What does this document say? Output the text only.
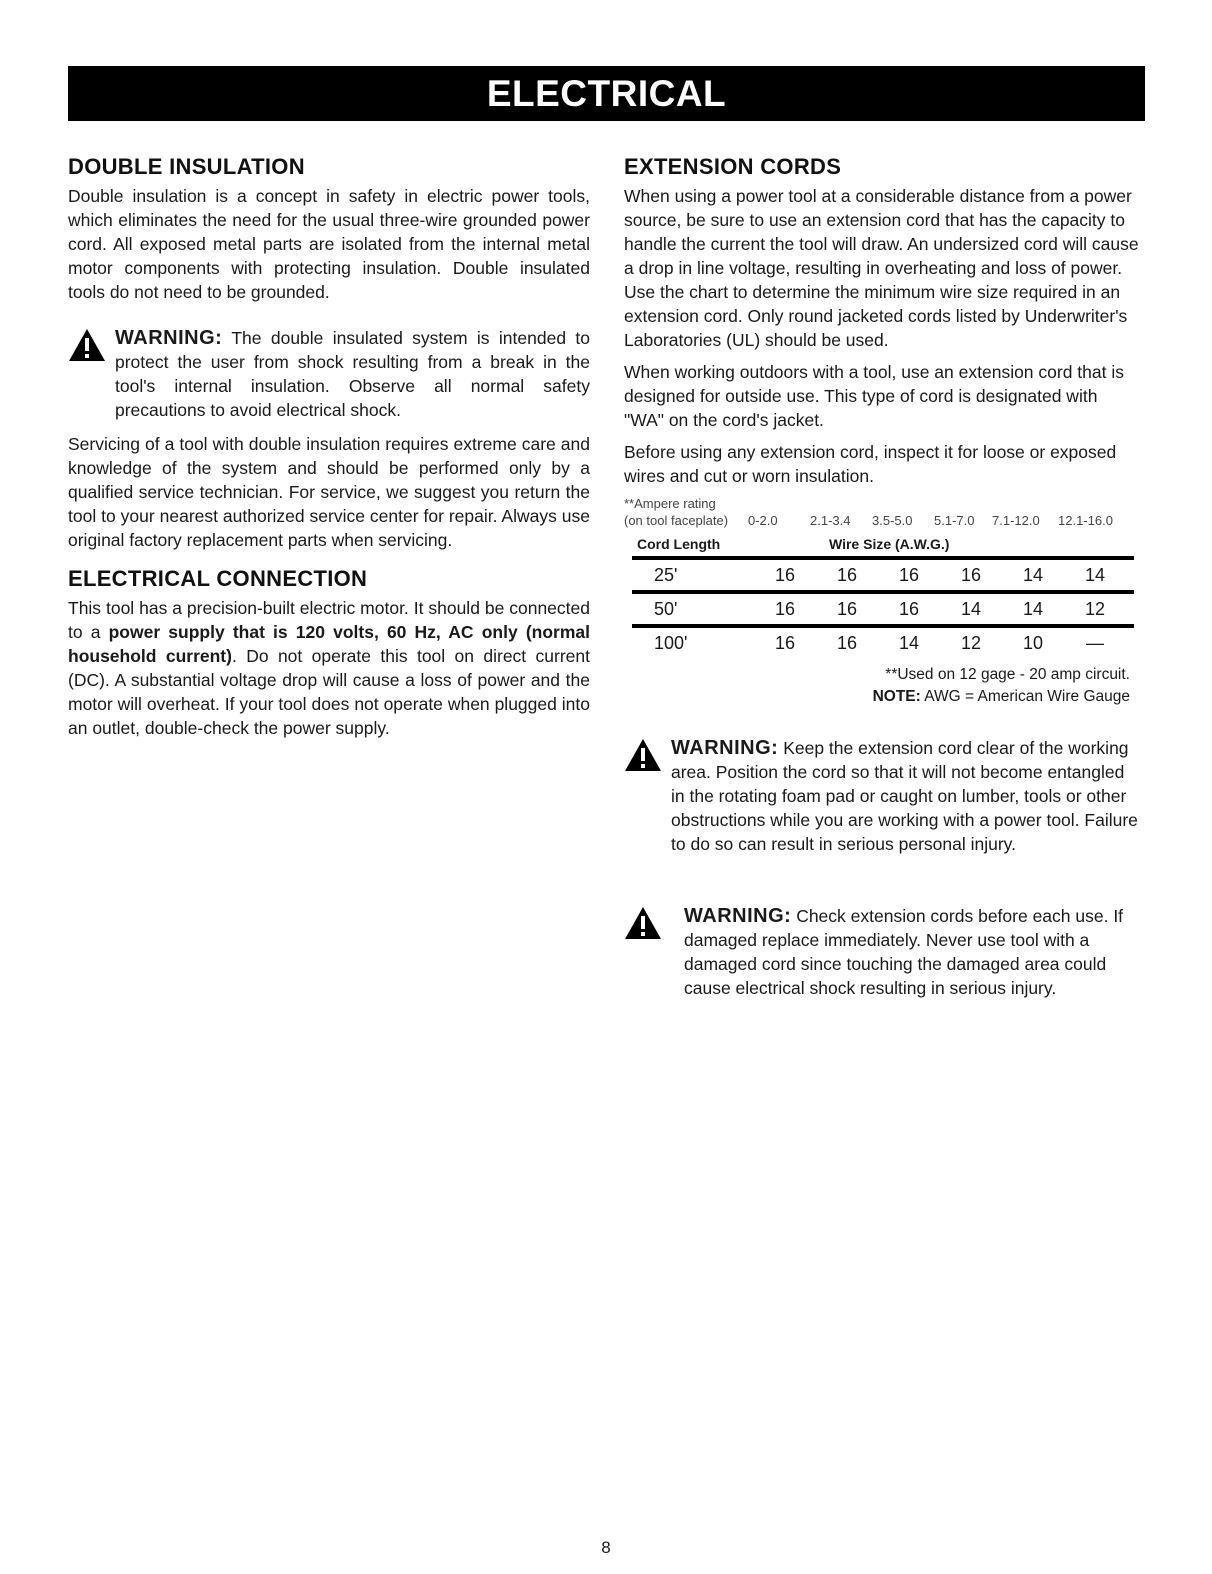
ELECTRICAL
DOUBLE INSULATION

Double insulation is a concept in safety in electric power tools, which eliminates the need for the usual three-wire grounded power cord. All exposed metal parts are isolated from the internal metal motor components with protecting insulation. Double insulated tools do not need to be grounded.

WARNING: The double insulated system is intended to protect the user from shock resulting from a break in the tool's internal insulation. Observe all normal safety precautions to avoid electrical shock.

Servicing of a tool with double insulation requires extreme care and knowledge of the system and should be performed only by a qualified service technician. For service, we suggest you return the tool to your nearest authorized service center for repair. Always use original factory replacement parts when servicing.

ELECTRICAL CONNECTION

This tool has a precision-built electric motor. It should be connected to a power supply that is 120 volts, 60 Hz, AC only (normal household current). Do not operate this tool on direct current (DC). A substantial voltage drop will cause a loss of power and the motor will overheat. If your tool does not operate when plugged into an outlet, double-check the power supply.

EXTENSION CORDS

When using a power tool at a considerable distance from a power source, be sure to use an extension cord that has the capacity to handle the current the tool will draw. An undersized cord will cause a drop in line voltage, resulting in overheating and loss of power. Use the chart to determine the minimum wire size required in an extension cord. Only round jacketed cords listed by Underwriter's Laboratories (UL) should be used.

When working outdoors with a tool, use an extension cord that is designed for outside use. This type of cord is designated with "WA" on the cord's jacket.

Before using any extension cord, inspect it for loose or exposed wires and cut or worn insulation.

**Ampere rating
(on tool faceplate)	0-2.0	2.1-3.4	3.5-5.0	5.1-7.0	7.1-12.0	12.1-16.0
Cord Length	Wire Size (A.W.G.)
25'	16	16	16	16	14	14
50'	16	16	16	14	14	12
100'	16	16	14	12	10	—
**Used on 12 gage - 20 amp circuit.
NOTE: AWG = American Wire Gauge

WARNING: Keep the extension cord clear of the working area. Position the cord so that it will not become entangled in the rotating foam pad or caught on lumber, tools or other obstructions while you are working with a power tool. Failure to do so can result in serious personal injury.

WARNING: Check extension cords before each use. If damaged replace immediately. Never use tool with a damaged cord since touching the damaged area could cause electrical shock resulting in serious injury.

8
